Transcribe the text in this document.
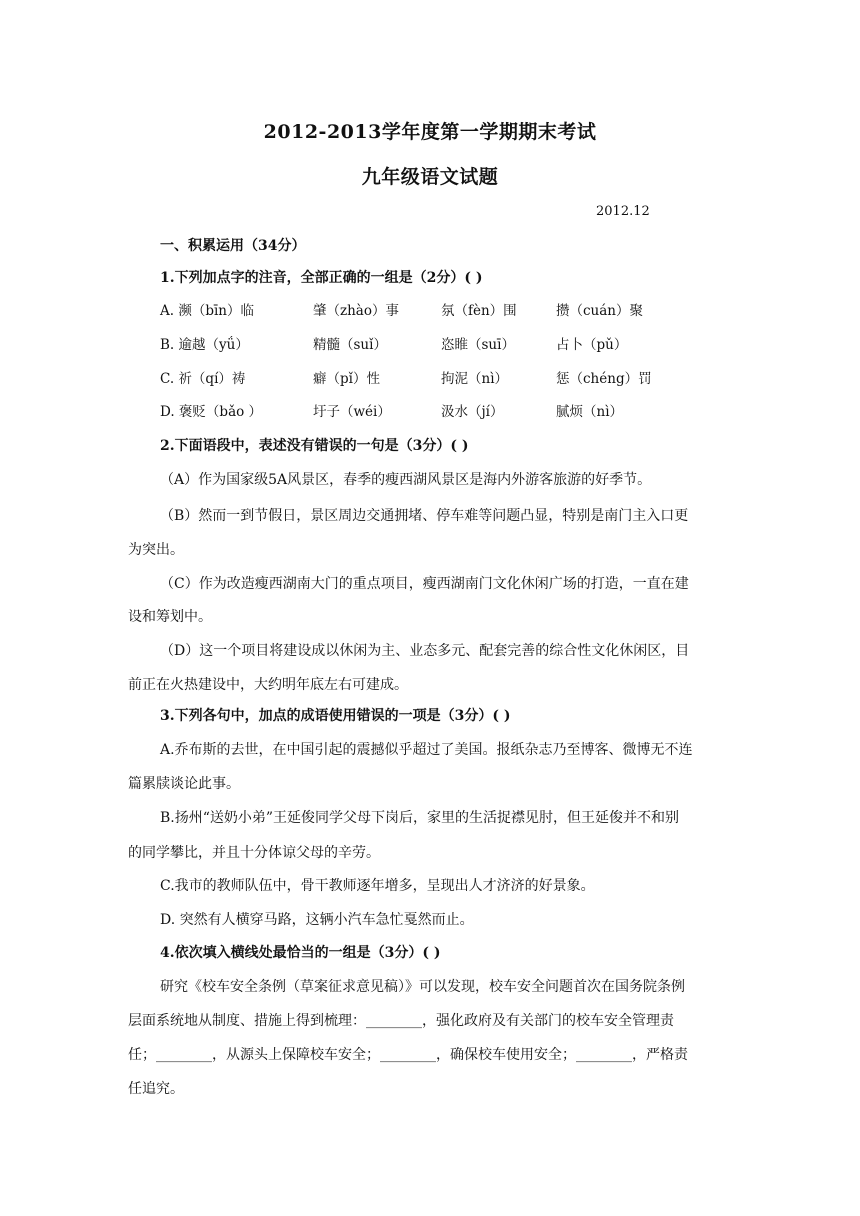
2012-2013学年度第一学期期末考试
九年级语文试题
2012.12
一、积累运用（34分）
1.下列加点字的注音，全部正确的一组是（2分）( )
A. 濒（bīn）临	肇（zhào）事	氛（fèn）围	攒（cuán）聚
B. 逾越（yǘ）	精髓（suǐ）	恣睢（suī）	占卜（pǔ）
C. 祈（qí）祷	癖（pǐ）性	拘泥（nì）	惩（chéng）罚
D. 褒贬（bǎo ）	圩子（wéi）	汲水（jí）	腻烦（nì）
2.下面语段中，表述没有错误的一句是（3分）( )
（A）作为国家级5A风景区，春季的瘦西湖风景区是海内外游客旅游的好季节。
（B）然而一到节假日，景区周边交通拥堵、停车难等问题凸显，特别是南门主入口更
为突出。
（C）作为改造瘦西湖南大门的重点项目，瘦西湖南门文化休闲广场的打造，一直在建
设和筹划中。
（D）这一个项目将建设成以休闲为主、业态多元、配套完善的综合性文化休闲区，目
前正在火热建设中，大约明年底左右可建成。
3.下列各句中，加点的成语使用错误的一项是（3分）( )
A.乔布斯的去世，在中国引起的震撼似乎超过了美国。报纸杂志乃至博客、微博无不连
篇累牍谈论此事。
B.扬州“送奶小弟”王延俊同学父母下岗后，家里的生活捉襟见肘，但王延俊并不和别
的同学攀比，并且十分体谅父母的辛劳。
C.我市的教师队伍中，骨干教师逐年增多，呈现出人才济济的好景象。
D. 突然有人横穿马路，这辆小汽车急忙戛然而止。
4.依次填入横线处最恰当的一组是（3分）( )
研究《校车安全条例（草案征求意见稿）》可以发现，校车安全问题首次在国务院条例
层面系统地从制度、措施上得到梳理：________，强化政府及有关部门的校车安全管理责
任；________，从源头上保障校车安全；________，确保校车使用安全；________，严格责
任追究。
